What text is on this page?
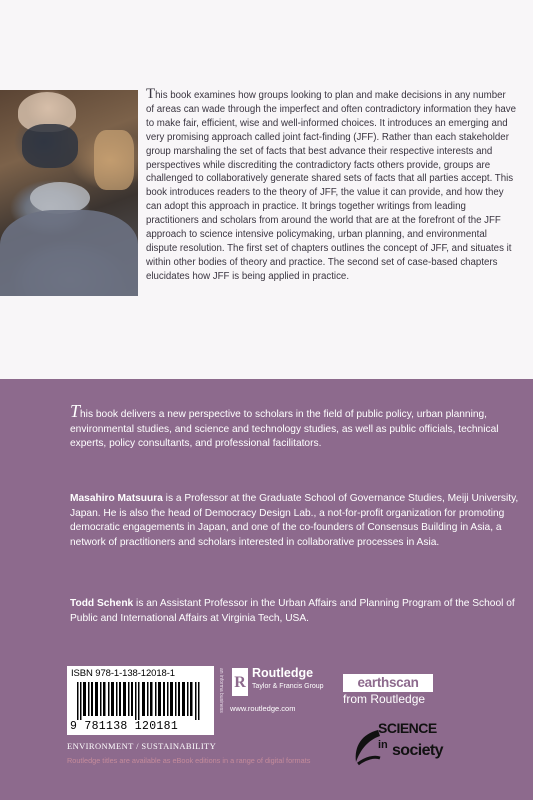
This book examines how groups looking to plan and make decisions in any number of areas can wade through the imperfect and often contradictory information they have to make fair, efficient, wise and well-informed choices. It introduces an emerging and very promising approach called joint fact-finding (JFF). Rather than each stakeholder group marshaling the set of facts that best advance their respective interests and perspectives while discrediting the contradictory facts others provide, groups are challenged to collaboratively generate shared sets of facts that all parties accept. This book introduces readers to the theory of JFF, the value it can provide, and how they can adopt this approach in practice. It brings together writings from leading practitioners and scholars from around the world that are at the forefront of the JFF approach to science intensive policymaking, urban planning, and environmental dispute resolution. The first set of chapters outlines the concept of JFF, and situates it within other bodies of theory and practice. The second set of case-based chapters elucidates how JFF is being applied in practice.

This book delivers a new perspective to scholars in the field of public policy, urban planning, environmental studies, and science and technology studies, as well as public officials, technical experts, policy consultants, and professional facilitators.

Masahiro Matsuura is a Professor at the Graduate School of Governance Studies, Meiji University, Japan. He is also the head of Democracy Design Lab., a not-for-profit organization for promoting democratic engagements in Japan, and one of the co-founders of Consensus Building in Asia, a network of practitioners and scholars interested in collaborative processes in Asia.

Todd Schenk is an Assistant Professor in the Urban Affairs and Planning Program of the School of Public and International Affairs at Virginia Tech, USA.

ISBN 978-1-138-12018-1
9 781138 120181
an informa business R
Routledge
Taylor & Francis Group
www.routledge.com
earthscan
from Routledge
ENVIRONMENT / SUSTAINABILITY
Routledge titles are available as eBook editions in a range of digital formats
SCIENCE
in society
